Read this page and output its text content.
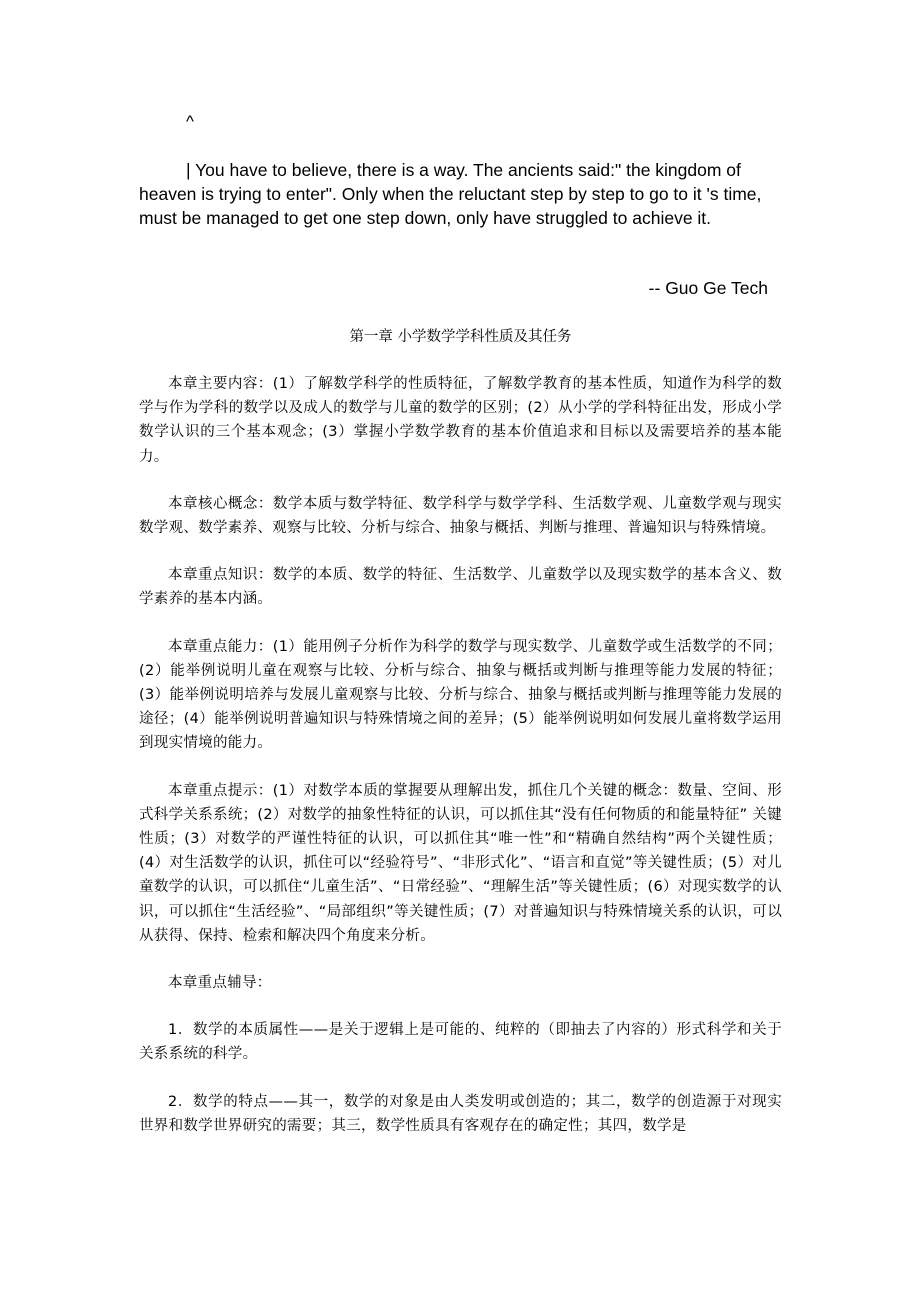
^

| You have to believe, there is a way. The ancients said:" the kingdom of heaven is trying to enter". Only when the reluctant step by step to go to it 's time, must be managed to get one step down, only have struggled to achieve it.

-- Guo Ge Tech

第一章 小学数学学科性质及其任务

本章主要内容：(1）了解数学科学的性质特征，了解数学教育的基本性质，知道作为科学的数学与作为学科的数学以及成人的数学与儿童的数学的区别；(2）从小学的学科特征出发，形成小学数学认识的三个基本观念；(3）掌握小学数学教育的基本价值追求和目标以及需要培养的基本能力。

本章核心概念：数学本质与数学特征、数学科学与数学学科、生活数学观、儿童数学观与现实数学观、数学素养、观察与比较、分析与综合、抽象与概括、判断与推理、普遍知识与特殊情境。

本章重点知识：数学的本质、数学的特征、生活数学、儿童数学以及现实数学的基本含义、数学素养的基本内涵。

本章重点能力：(1）能用例子分析作为科学的数学与现实数学、儿童数学或生活数学的不同；(2）能举例说明儿童在观察与比较、分析与综合、抽象与概括或判断与推理等能力发展的特征；(3）能举例说明培养与发展儿童观察与比较、分析与综合、抽象与概括或判断与推理等能力发展的途径；(4）能举例说明普遍知识与特殊情境之间的差异；(5）能举例说明如何发展儿童将数学运用到现实情境的能力。

本章重点提示：(1）对数学本质的掌握要从理解出发，抓住几个关键的概念：数量、空间、形式科学关系系统；(2）对数学的抽象性特征的认识，可以抓住其“没有任何物质的和能量特征” 关键性质；(3）对数学的严谨性特征的认识，可以抓住其“唯一性”和“精确自然结构”两个关键性质；(4）对生活数学的认识，抓住可以“经验符号”、“非形式化”、“语言和直觉”等关键性质；(5）对儿童数学的认识，可以抓住“儿童生活”、“日常经验”、“理解生活”等关键性质；(6）对现实数学的认识，可以抓住“生活经验”、“局部组织”等关键性质；(7）对普遍知识与特殊情境关系的认识，可以从获得、保持、检索和解决四个角度来分析。

本章重点辅导：

1．数学的本质属性——是关于逻辑上是可能的、纯粹的（即抽去了内容的）形式科学和关于关系系统的科学。

2．数学的特点——其一，数学的对象是由人类发明或创造的；其二，数学的创造源于对现实世界和数学世界研究的需要；其三，数学性质具有客观存在的确定性；其四，数学是
